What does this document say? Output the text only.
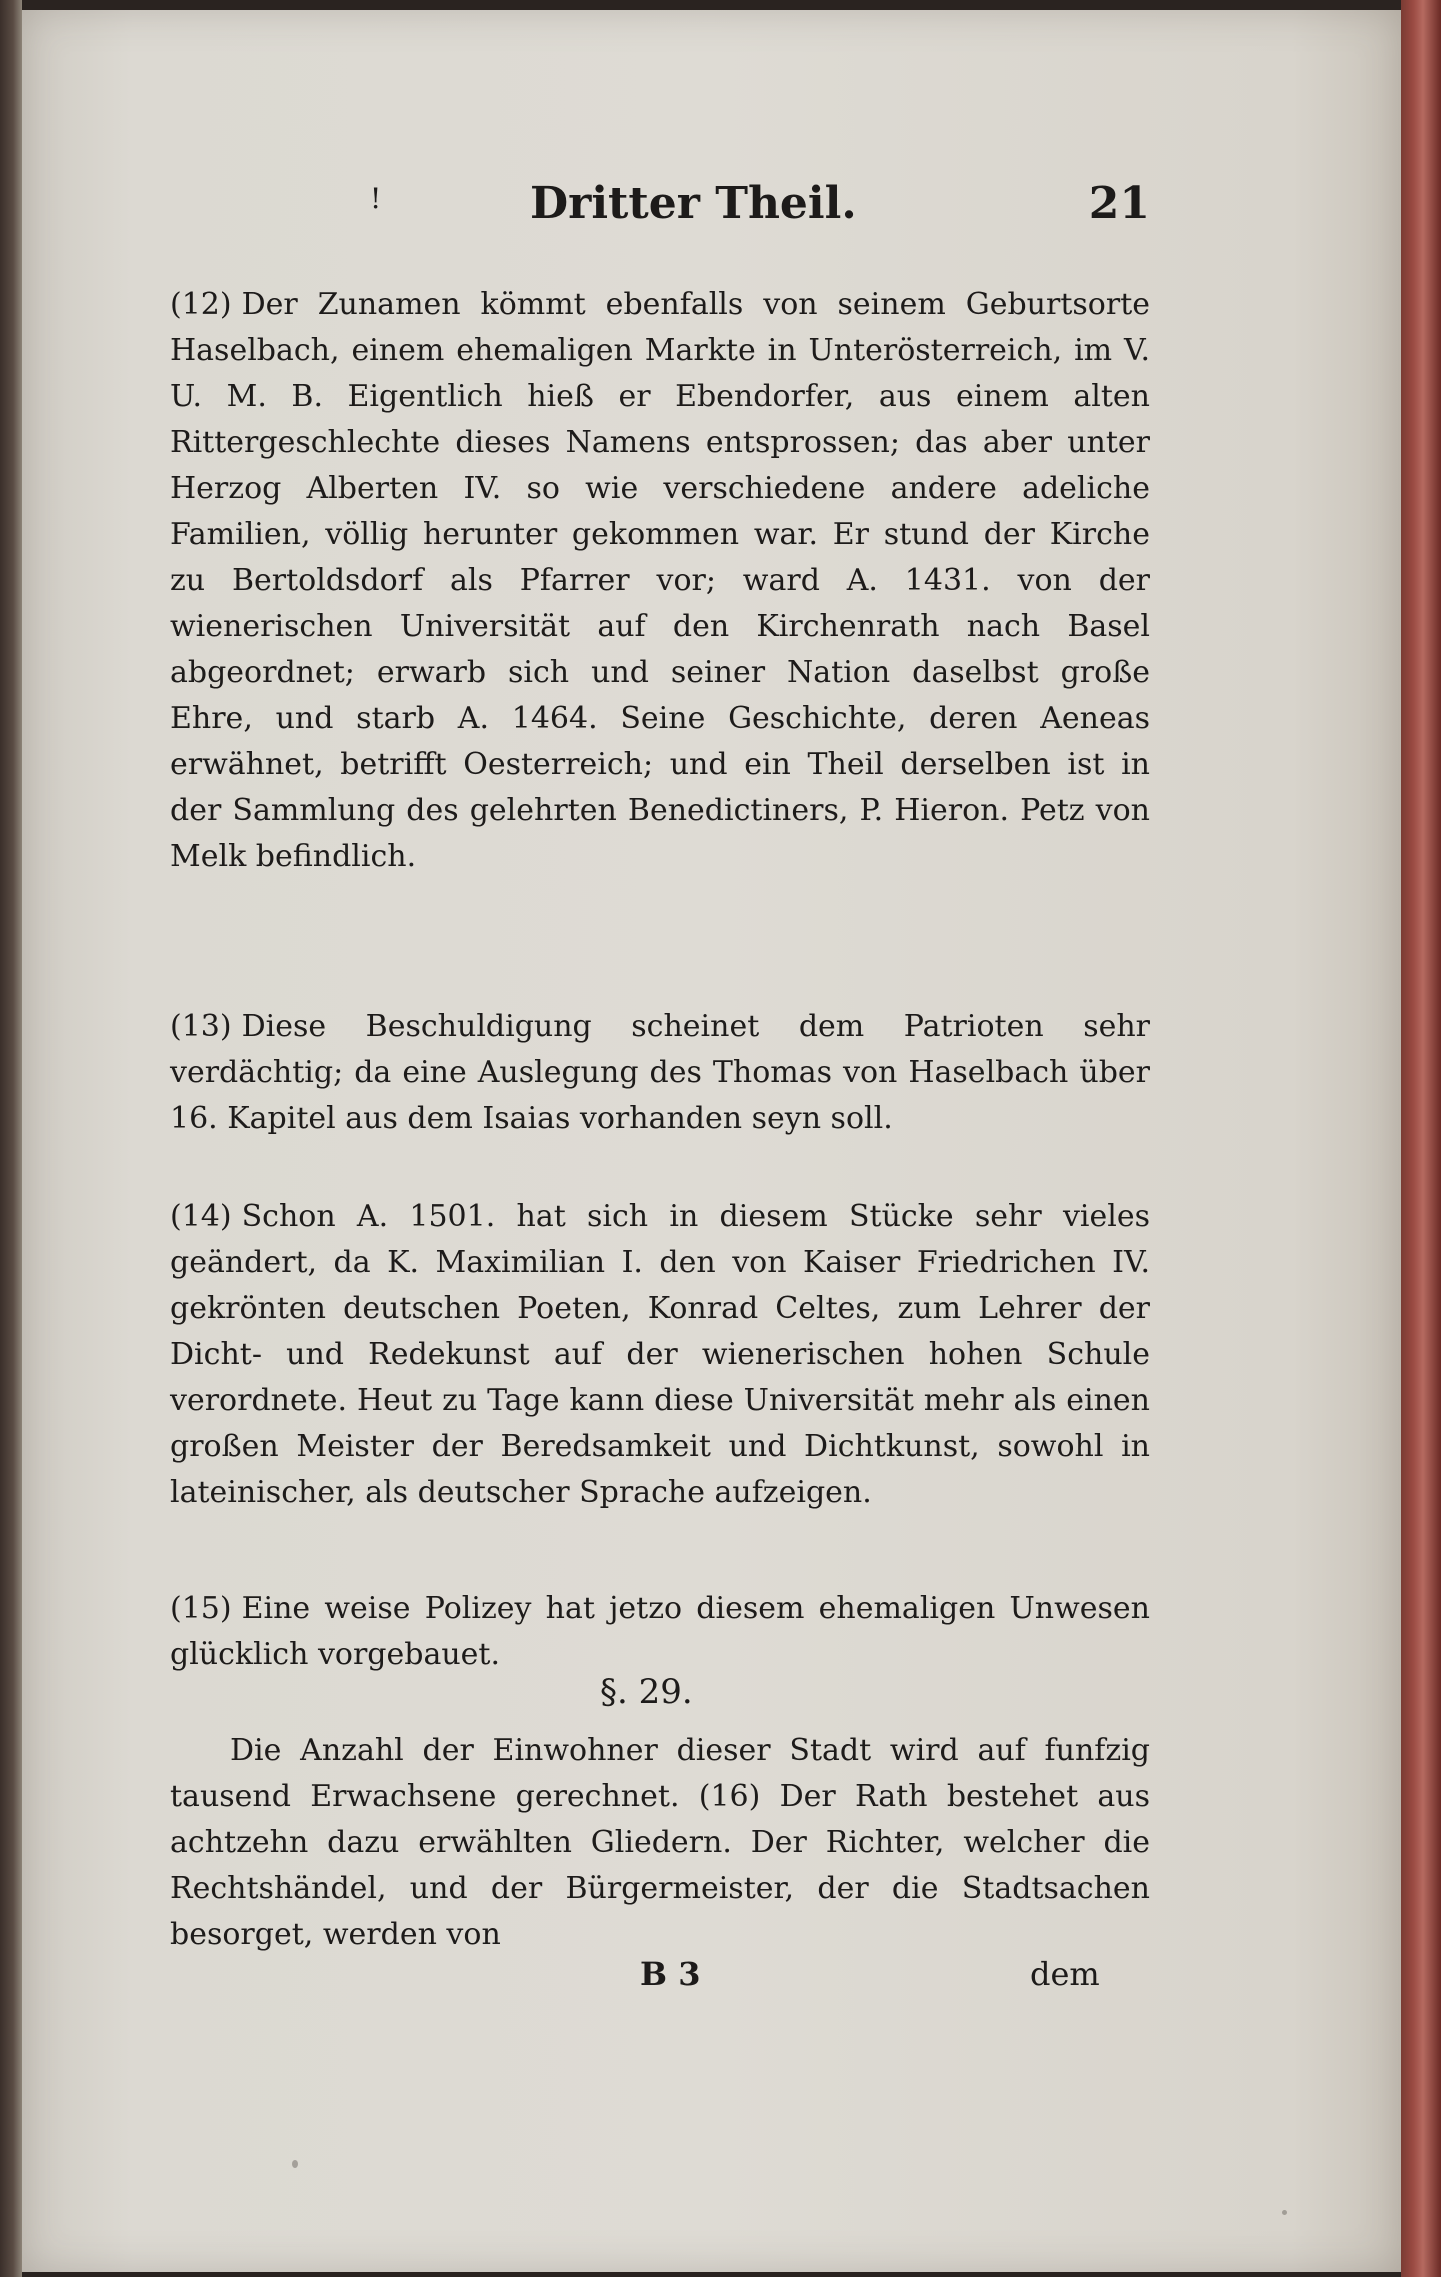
!	Dritter Theil.	21
(12) Der Zunamen kömmt ebenfalls von seinem Geburtsorte Haselbach, einem ehemaligen Markte in Unterösterreich, im V. U. M. B. Eigentlich hieß er Ebendorfer, aus einem alten Rittergeschlechte dieses Namens entsprossen; das aber unter Herzog Alberten IV. so wie verschiedene andere adeliche Familien, völlig herunter gekommen war. Er stund der Kirche zu Bertoldsdorf als Pfarrer vor; ward A. 1431. von der wienerischen Universität auf den Kirchenrath nach Basel abgeordnet; erwarb sich und seiner Nation daselbst große Ehre, und starb A. 1464. Seine Geschichte, deren Aeneas erwähnet, betrifft Oesterreich; und ein Theil derselben ist in der Sammlung des gelehrten Benedictiners, P. Hieron. Petz von Melk befindlich.
(13) Diese Beschuldigung scheinet dem Patrioten sehr verdächtig; da eine Auslegung des Thomas von Haselbach über 16. Kapitel aus dem Isaias vorhanden seyn soll.
(14) Schon A. 1501. hat sich in diesem Stücke sehr vieles geändert, da K. Maximilian I. den von Kaiser Friedrichen IV. gekrönten deutschen Poeten, Konrad Celtes, zum Lehrer der Dicht- und Redekunst auf der wienerischen hohen Schule verordnete. Heut zu Tage kann diese Universität mehr als einen großen Meister der Beredsamkeit und Dichtkunst, sowohl in lateinischer, als deutscher Sprache aufzeigen.
(15) Eine weise Polizey hat jetzo diesem ehemaligen Unwesen glücklich vorgebauet.
§. 29.
Die Anzahl der Einwohner dieser Stadt wird auf funfzig tausend Erwachsene gerechnet. (16) Der Rath bestehet aus achtzehn dazu erwählten Gliedern. Der Richter, welcher die Rechtshändel, und der Bürgermeister, der die Stadtsachen besorget, werden von
B 3	dem
